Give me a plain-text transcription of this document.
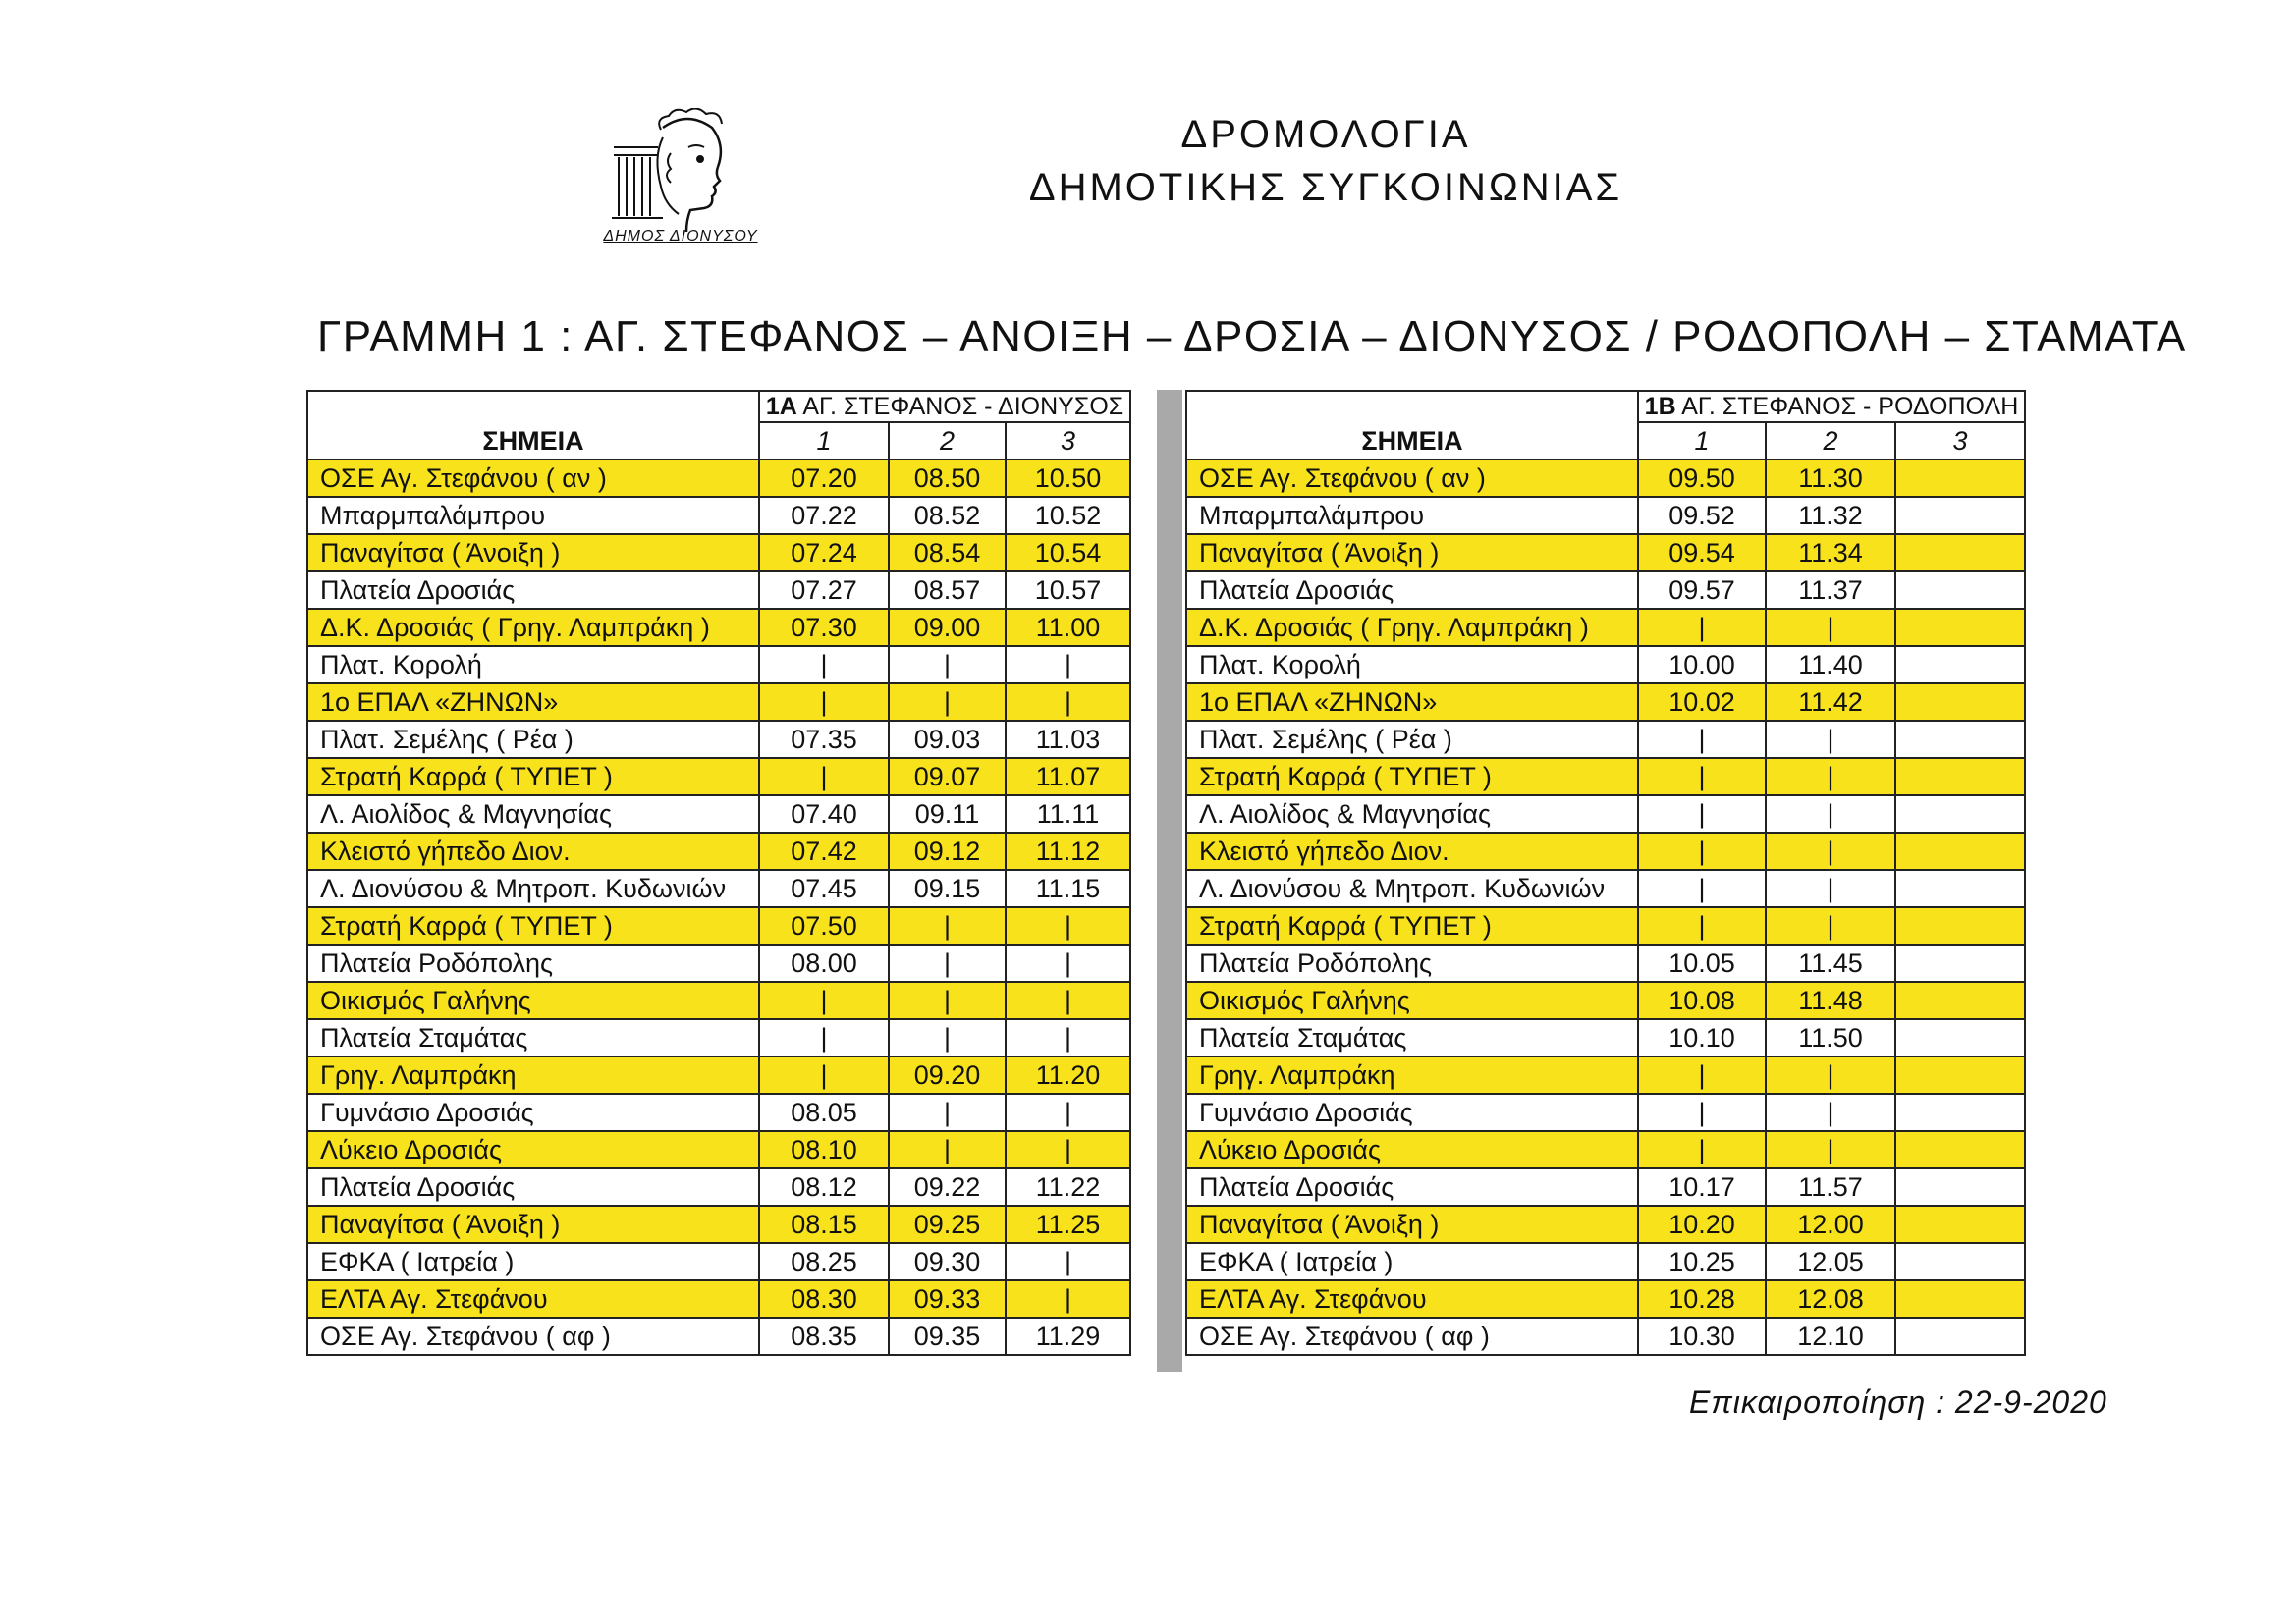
ΔΗΜΟΣ ΔΙΟΝΥΣΟΥ
ΔΡΟΜΟΛΟΓΙΑ
ΔΗΜΟΤΙΚΗΣ ΣΥΓΚΟΙΝΩΝΙΑΣ
ΓΡΑΜΜΗ 1 : ΑΓ. ΣΤΕΦΑΝΟΣ – ΑΝΟΙΞΗ – ΔΡΟΣΙΑ – ΔΙΟΝΥΣΟΣ / ΡΟΔΟΠΟΛΗ – ΣΤΑΜΑΤΑ
	1Α ΑΓ. ΣΤΕΦΑΝΟΣ - ΔΙΟΝΥΣΟΣ		
ΣΗΜΕΙΑ	1	2	3
ΟΣΕ Αγ. Στεφάνου ( αν )	07.20	08.50	10.50
Μπαρμπαλάμπρου	07.22	08.52	10.52
Παναγίτσα ( Άνοιξη )	07.24	08.54	10.54
Πλατεία Δροσιάς	07.27	08.57	10.57
Δ.Κ. Δροσιάς ( Γρηγ. Λαμπράκη )	07.30	09.00	11.00
Πλατ. Κορολή	|	|	|
1ο ΕΠΑΛ «ΖΗΝΩΝ»	|	|	|
Πλατ. Σεμέλης ( Ρέα )	07.35	09.03	11.03
Στρατή Καρρά ( ΤΥΠΕΤ )	|	09.07	11.07
Λ. Αιολίδος & Μαγνησίας	07.40	09.11	11.11
Κλειστό γήπεδο Διον.	07.42	09.12	11.12
Λ. Διονύσου & Μητροπ. Κυδωνιών	07.45	09.15	11.15
Στρατή Καρρά ( ΤΥΠΕΤ )	07.50	|	|
Πλατεία Ροδόπολης	08.00	|	|
Οικισμός Γαλήνης	|	|	|
Πλατεία Σταμάτας	|	|	|
Γρηγ. Λαμπράκη	|	09.20	11.20
Γυμνάσιο Δροσιάς	08.05	|	|
Λύκειο Δροσιάς	08.10	|	|
Πλατεία Δροσιάς	08.12	09.22	11.22
Παναγίτσα ( Άνοιξη )	08.15	09.25	11.25
ΕΦΚΑ ( Ιατρεία )	08.25	09.30	|
ΕΛΤΑ Αγ. Στεφάνου	08.30	09.33	|
ΟΣΕ Αγ. Στεφάνου ( αφ )	08.35	09.35	11.29
	1Β ΑΓ. ΣΤΕΦΑΝΟΣ - ΡΟΔΟΠΟΛΗ		
ΣΗΜΕΙΑ	1	2	3
ΟΣΕ Αγ. Στεφάνου ( αν )	09.50	11.30	
Μπαρμπαλάμπρου	09.52	11.32	
Παναγίτσα ( Άνοιξη )	09.54	11.34	
Πλατεία Δροσιάς	09.57	11.37	
Δ.Κ. Δροσιάς ( Γρηγ. Λαμπράκη )	|	|	
Πλατ. Κορολή	10.00	11.40	
1ο ΕΠΑΛ «ΖΗΝΩΝ»	10.02	11.42	
Πλατ. Σεμέλης ( Ρέα )	|	|	
Στρατή Καρρά ( ΤΥΠΕΤ )	|	|	
Λ. Αιολίδος & Μαγνησίας	|	|	
Κλειστό γήπεδο Διον.	|	|	
Λ. Διονύσου & Μητροπ. Κυδωνιών	|	|	
Στρατή Καρρά ( ΤΥΠΕΤ )	|	|	
Πλατεία Ροδόπολης	10.05	11.45	
Οικισμός Γαλήνης	10.08	11.48	
Πλατεία Σταμάτας	10.10	11.50	
Γρηγ. Λαμπράκη	|	|	
Γυμνάσιο Δροσιάς	|	|	
Λύκειο Δροσιάς	|	|	
Πλατεία Δροσιάς	10.17	11.57	
Παναγίτσα ( Άνοιξη )	10.20	12.00	
ΕΦΚΑ ( Ιατρεία )	10.25	12.05	
ΕΛΤΑ Αγ. Στεφάνου	10.28	12.08	
ΟΣΕ Αγ. Στεφάνου ( αφ )	10.30	12.10	
Επικαιροποίηση : 22-9-2020
